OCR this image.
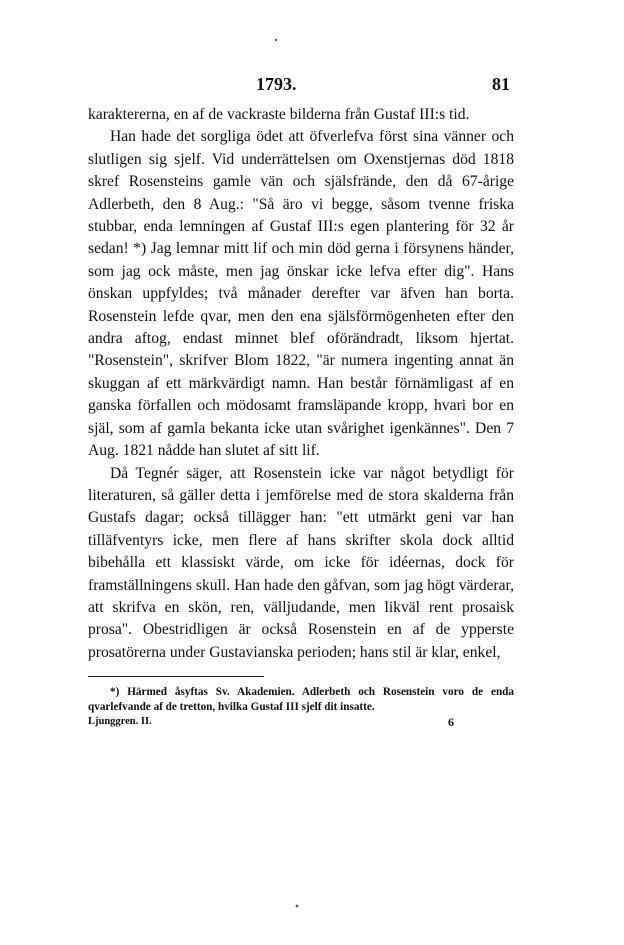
1793.	81

karaktererna, en af de vackraste bilderna från Gustaf III:s tid.

Han hade det sorgliga ödet att öfverlefva först sina vänner och slutligen sig sjelf. Vid underrättelsen om Oxenstjernas död 1818 skref Rosensteins gamle vän och själsfrände, den då 67-årige Adlerbeth, den 8 Aug.: "Så äro vi begge, såsom tvenne friska stubbar, enda lemningen af Gustaf III:s egen plantering för 32 år sedan! *) Jag lemnar mitt lif och min död gerna i försynens händer, som jag ock måste, men jag önskar icke lefva efter dig". Hans önskan uppfyldes; två månader derefter var äfven han borta. Rosenstein lefde qvar, men den ena själsförmögenheten efter den andra aftog, endast minnet blef oförändradt, liksom hjertat. "Rosenstein", skrifver Blom 1822, "är numera ingenting annat än skuggan af ett märkvärdigt namn. Han består förnämligast af en ganska förfallen och mödosamt framsläpande kropp, hvari bor en själ, som af gamla bekanta icke utan svårighet igenkännes". Den 7 Aug. 1821 nådde han slutet af sitt lif.

Då Tegnér säger, att Rosenstein icke var något betydligt för literaturen, så gäller detta i jemförelse med de stora skalderna från Gustafs dagar; också tillägger han: "ett utmärkt geni var han tilläfventyrs icke, men flere af hans skrifter skola dock alltid bibehålla ett klassiskt värde, om icke för idéernas, dock för framställningens skull. Han hade den gåfvan, som jag högt värderar, att skrifva en skön, ren, välljudande, men likväl rent prosaisk prosa". Obestridligen är också Rosenstein en af de ypperste prosatörerna under Gustavianska perioden; hans stil är klar, enkel,

*) Härmed åsyftas Sv. Akademien. Adlerbeth och Rosenstein voro de enda qvarlefvande af de tretton, hvilka Gustaf III sjelf dit insatte.
Ljunggren. II.	6
